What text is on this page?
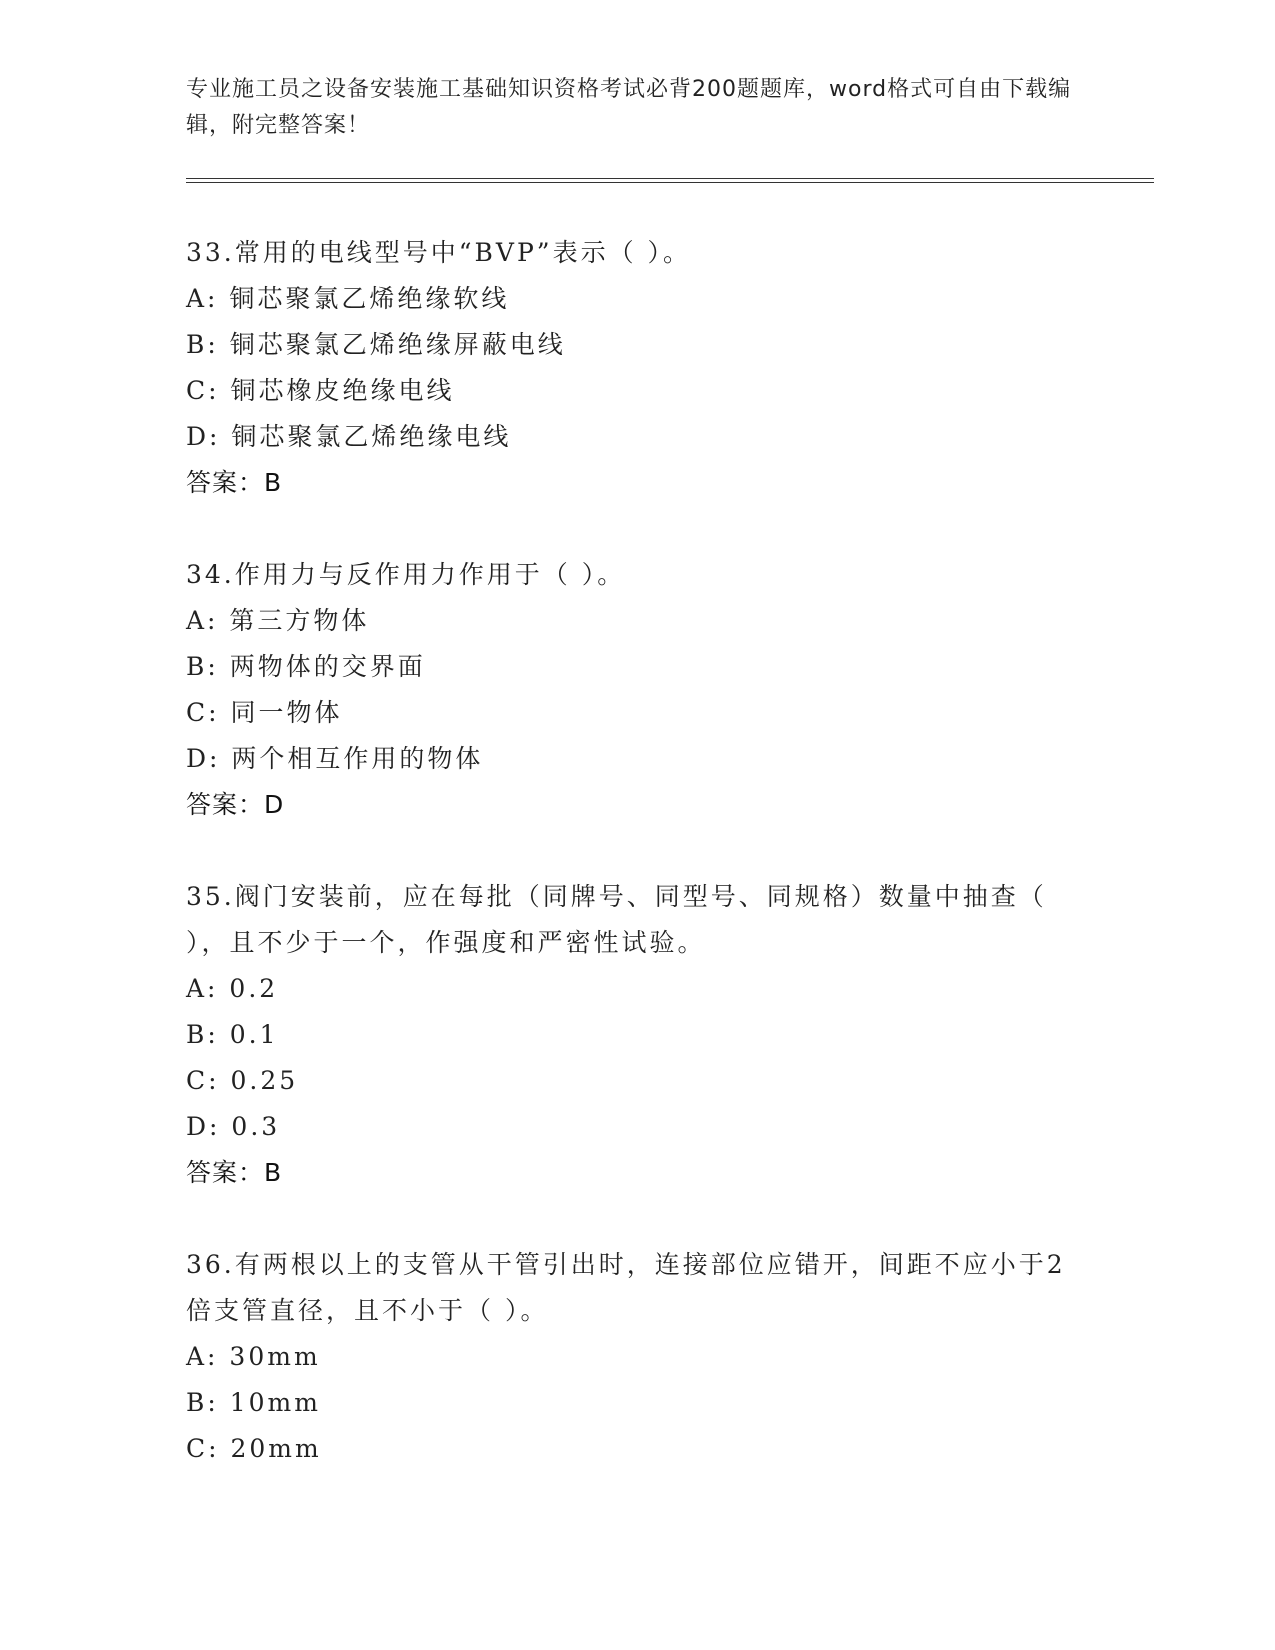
专业施工员之设备安装施工基础知识资格考试必背200题题库，word格式可自由下载编辑，附完整答案！
33.常用的电线型号中“BVP”表示（ ）。
A: 铜芯聚氯乙烯绝缘软线
B: 铜芯聚氯乙烯绝缘屏蔽电线
C: 铜芯橡皮绝缘电线
D: 铜芯聚氯乙烯绝缘电线
答案：B
34.作用力与反作用力作用于（ ）。
A: 第三方物体
B: 两物体的交界面
C: 同一物体
D: 两个相互作用的物体
答案：D
35.阀门安装前，应在每批（同牌号、同型号、同规格）数量中抽查（ ），且不少于一个，作强度和严密性试验。
A: 0.2
B: 0.1
C: 0.25
D: 0.3
答案：B
36.有两根以上的支管从干管引出时，连接部位应错开，间距不应小于2倍支管直径，且不小于（ ）。
A: 30mm
B: 10mm
C: 20mm
